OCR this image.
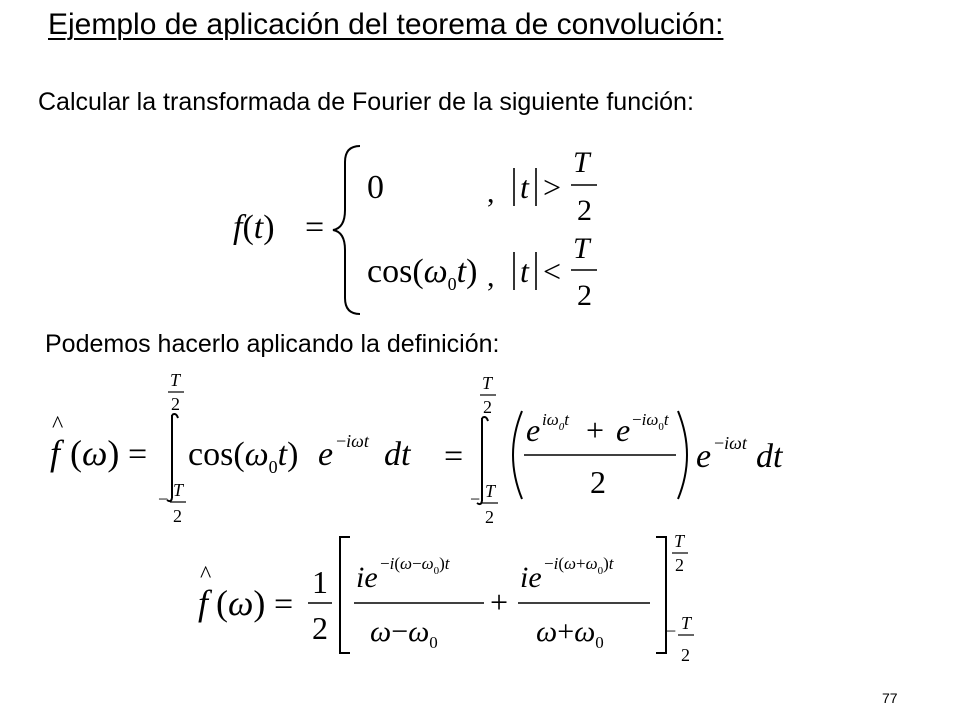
Ejemplo de aplicación del teorema de convolución:
Calcular la transformada de Fourier de la siguiente función:
f(t) =
0	, t >
T
2
$\cos(\omega_0t)$ , t <
T
2
Podemos hacerlo aplicando la definición:
T
2
f
^
$(\omega) = \cos(\omega_0t)$ e −iωt dt
− T
2
=
T
2
− T
2
e $i\omega_0t + e -i\omega_0t$
2
e −iωt dt
f
^
(ω) =
1
2
ie $-i(\omega-\omega_0)t$
$\omega-\omega_0$
+
ie $-i(\omega+\omega_0)t$
$\omega+\omega_0$
T
2
− T
2
77
